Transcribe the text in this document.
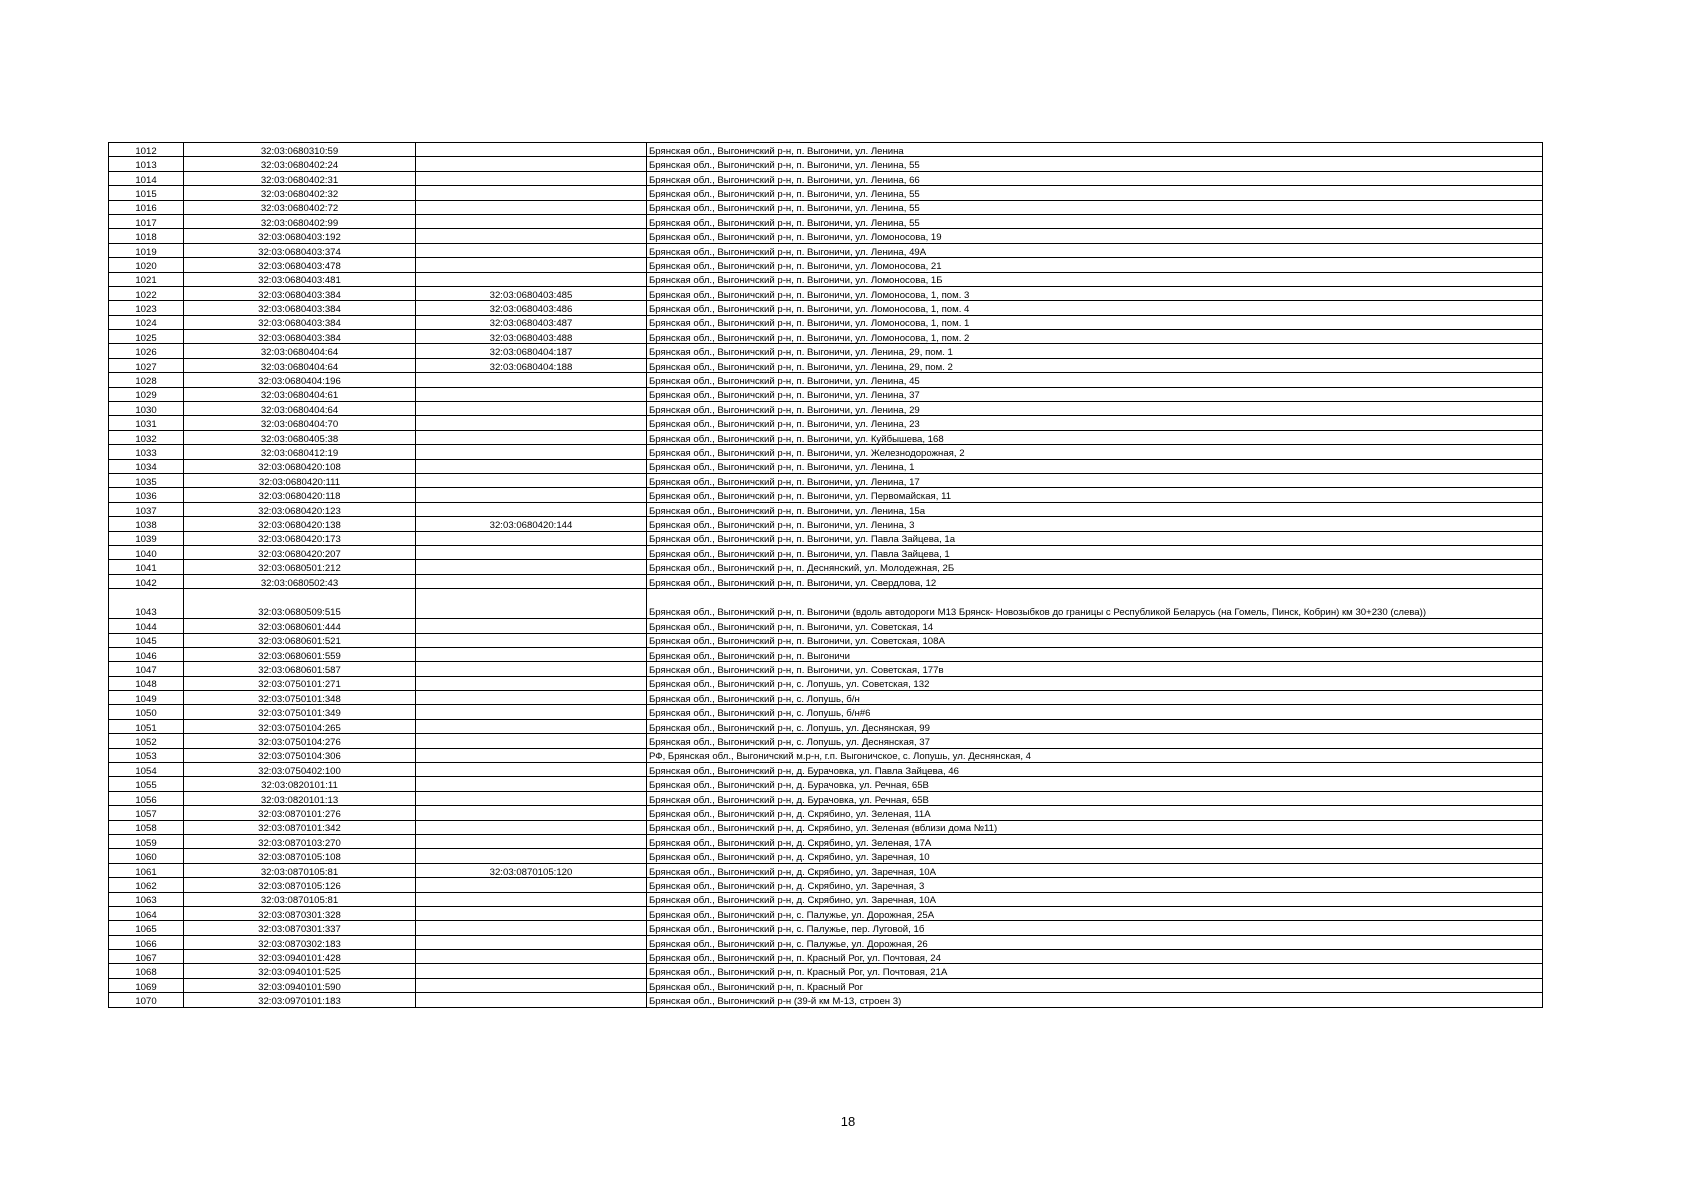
1012	32:03:0680310:59		Брянская обл., Выгоничский р-н, п. Выгоничи, ул. Ленина
1013	32:03:0680402:24		Брянская обл., Выгоничский р-н, п. Выгоничи, ул. Ленина, 55
1014	32:03:0680402:31		Брянская обл., Выгоничский р-н, п. Выгоничи, ул. Ленина, 66
1015	32:03:0680402:32		Брянская обл., Выгоничский р-н, п. Выгоничи, ул. Ленина, 55
1016	32:03:0680402:72		Брянская обл., Выгоничский р-н, п. Выгоничи, ул. Ленина, 55
1017	32:03:0680402:99		Брянская обл., Выгоничский р-н, п. Выгоничи, ул. Ленина, 55
1018	32:03:0680403:192		Брянская обл., Выгоничский р-н, п. Выгоничи, ул. Ломоносова, 19
1019	32:03:0680403:374		Брянская обл., Выгоничский р-н, п. Выгоничи, ул. Ленина, 49А
1020	32:03:0680403:478		Брянская обл., Выгоничский р-н, п. Выгоничи, ул. Ломоносова, 21
1021	32:03:0680403:481		Брянская обл., Выгоничский р-н, п. Выгоничи, ул. Ломоносова, 1Б
1022	32:03:0680403:384	32:03:0680403:485	Брянская обл., Выгоничский р-н, п. Выгоничи, ул. Ломоносова, 1, пом. 3
1023	32:03:0680403:384	32:03:0680403:486	Брянская обл., Выгоничский р-н, п. Выгоничи, ул. Ломоносова, 1, пом. 4
1024	32:03:0680403:384	32:03:0680403:487	Брянская обл., Выгоничский р-н, п. Выгоничи, ул. Ломоносова, 1, пом. 1
1025	32:03:0680403:384	32:03:0680403:488	Брянская обл., Выгоничский р-н, п. Выгоничи, ул. Ломоносова, 1, пом. 2
1026	32:03:0680404:64	32:03:0680404:187	Брянская обл., Выгоничский р-н, п. Выгоничи, ул. Ленина, 29, пом. 1
1027	32:03:0680404:64	32:03:0680404:188	Брянская обл., Выгоничский р-н, п. Выгоничи, ул. Ленина, 29, пом. 2
1028	32:03:0680404:196		Брянская обл., Выгоничский р-н, п. Выгоничи, ул. Ленина, 45
1029	32:03:0680404:61		Брянская обл., Выгоничский р-н, п. Выгоничи, ул. Ленина, 37
1030	32:03:0680404:64		Брянская обл., Выгоничский р-н, п. Выгоничи, ул. Ленина, 29
1031	32:03:0680404:70		Брянская обл., Выгоничский р-н, п. Выгоничи, ул. Ленина, 23
1032	32:03:0680405:38		Брянская обл., Выгоничский р-н, п. Выгоничи, ул. Куйбышева, 168
1033	32:03:0680412:19		Брянская обл., Выгоничский р-н, п. Выгоничи, ул. Железнодорожная, 2
1034	32:03:0680420:108		Брянская обл., Выгоничский р-н, п. Выгоничи, ул. Ленина, 1
1035	32:03:0680420:111		Брянская обл., Выгоничский р-н, п. Выгоничи, ул. Ленина, 17
1036	32:03:0680420:118		Брянская обл., Выгоничский р-н, п. Выгоничи, ул. Первомайская, 11
1037	32:03:0680420:123		Брянская обл., Выгоничский р-н, п. Выгоничи, ул. Ленина, 15а
1038	32:03:0680420:138	32:03:0680420:144	Брянская обл., Выгоничский р-н, п. Выгоничи, ул. Ленина, 3
1039	32:03:0680420:173		Брянская обл., Выгоничский р-н, п. Выгоничи, ул. Павла Зайцева, 1а
1040	32:03:0680420:207		Брянская обл., Выгоничский р-н, п. Выгоничи, ул. Павла Зайцева, 1
1041	32:03:0680501:212		Брянская обл., Выгоничский р-н, п. Деснянский, ул. Молодежная, 2Б
1042	32:03:0680502:43		Брянская обл., Выгоничский р-н, п. Выгоничи, ул. Свердлова, 12
1043	32:03:0680509:515		Брянская обл., Выгоничский р-н, п. Выгоничи (вдоль автодороги М13 Брянск- Новозыбков до границы с Республикой Беларусь (на Гомель, Пинск, Кобрин) км 30+230 (слева))
1044	32:03:0680601:444		Брянская обл., Выгоничский р-н, п. Выгоничи, ул. Советская, 14
1045	32:03:0680601:521		Брянская обл., Выгоничский р-н, п. Выгоничи, ул. Советская, 108А
1046	32:03:0680601:559		Брянская обл., Выгоничский р-н, п. Выгоничи
1047	32:03:0680601:587		Брянская обл., Выгоничский р-н, п. Выгоничи, ул. Советская, 177в
1048	32:03:0750101:271		Брянская обл., Выгоничский р-н, с. Лопушь, ул. Советская, 132
1049	32:03:0750101:348		Брянская обл., Выгоничский р-н, с. Лопушь, б/н
1050	32:03:0750101:349		Брянская обл., Выгоничский р-н, с. Лопушь, б/н#6
1051	32:03:0750104:265		Брянская обл., Выгоничский р-н, с. Лопушь, ул. Деснянская, 99
1052	32:03:0750104:276		Брянская обл., Выгоничский р-н, с. Лопушь, ул. Деснянская, 37
1053	32:03:0750104:306		РФ, Брянская обл., Выгоничский м.р-н, г.п. Выгоничское, с. Лопушь, ул. Деснянская, 4
1054	32:03:0750402:100		Брянская обл., Выгоничский р-н, д. Бурачовка, ул. Павла Зайцева, 46
1055	32:03:0820101:11		Брянская обл., Выгоничский р-н, д. Бурачовка, ул. Речная, 65В
1056	32:03:0820101:13		Брянская обл., Выгоничский р-н, д. Бурачовка, ул. Речная, 65В
1057	32:03:0870101:276		Брянская обл., Выгоничский р-н, д. Скрябино, ул. Зеленая, 11А
1058	32:03:0870101:342		Брянская обл., Выгоничский р-н, д. Скрябино, ул. Зеленая (вблизи дома №11)
1059	32:03:0870103:270		Брянская обл., Выгоничский р-н, д. Скрябино, ул. Зеленая, 17А
1060	32:03:0870105:108		Брянская обл., Выгоничский р-н, д. Скрябино, ул. Заречная, 10
1061	32:03:0870105:81	32:03:0870105:120	Брянская обл., Выгоничский р-н, д. Скрябино, ул. Заречная, 10А
1062	32:03:0870105:126		Брянская обл., Выгоничский р-н, д. Скрябино, ул. Заречная, 3
1063	32:03:0870105:81		Брянская обл., Выгоничский р-н, д. Скрябино, ул. Заречная, 10А
1064	32:03:0870301:328		Брянская обл., Выгоничский р-н, с. Палужье, ул. Дорожная, 25А
1065	32:03:0870301:337		Брянская обл., Выгоничский р-н, с. Палужье, пер. Луговой, 1б
1066	32:03:0870302:183		Брянская обл., Выгоничский р-н, с. Палужье, ул. Дорожная, 26
1067	32:03:0940101:428		Брянская обл., Выгоничский р-н, п. Красный Рог, ул. Почтовая, 24
1068	32:03:0940101:525		Брянская обл., Выгоничский р-н, п. Красный Рог, ул. Почтовая, 21А
1069	32:03:0940101:590		Брянская обл., Выгоничский р-н, п. Красный Рог
1070	32:03:0970101:183		Брянская обл., Выгоничский р-н (39-й км М-13, строен 3)
18
